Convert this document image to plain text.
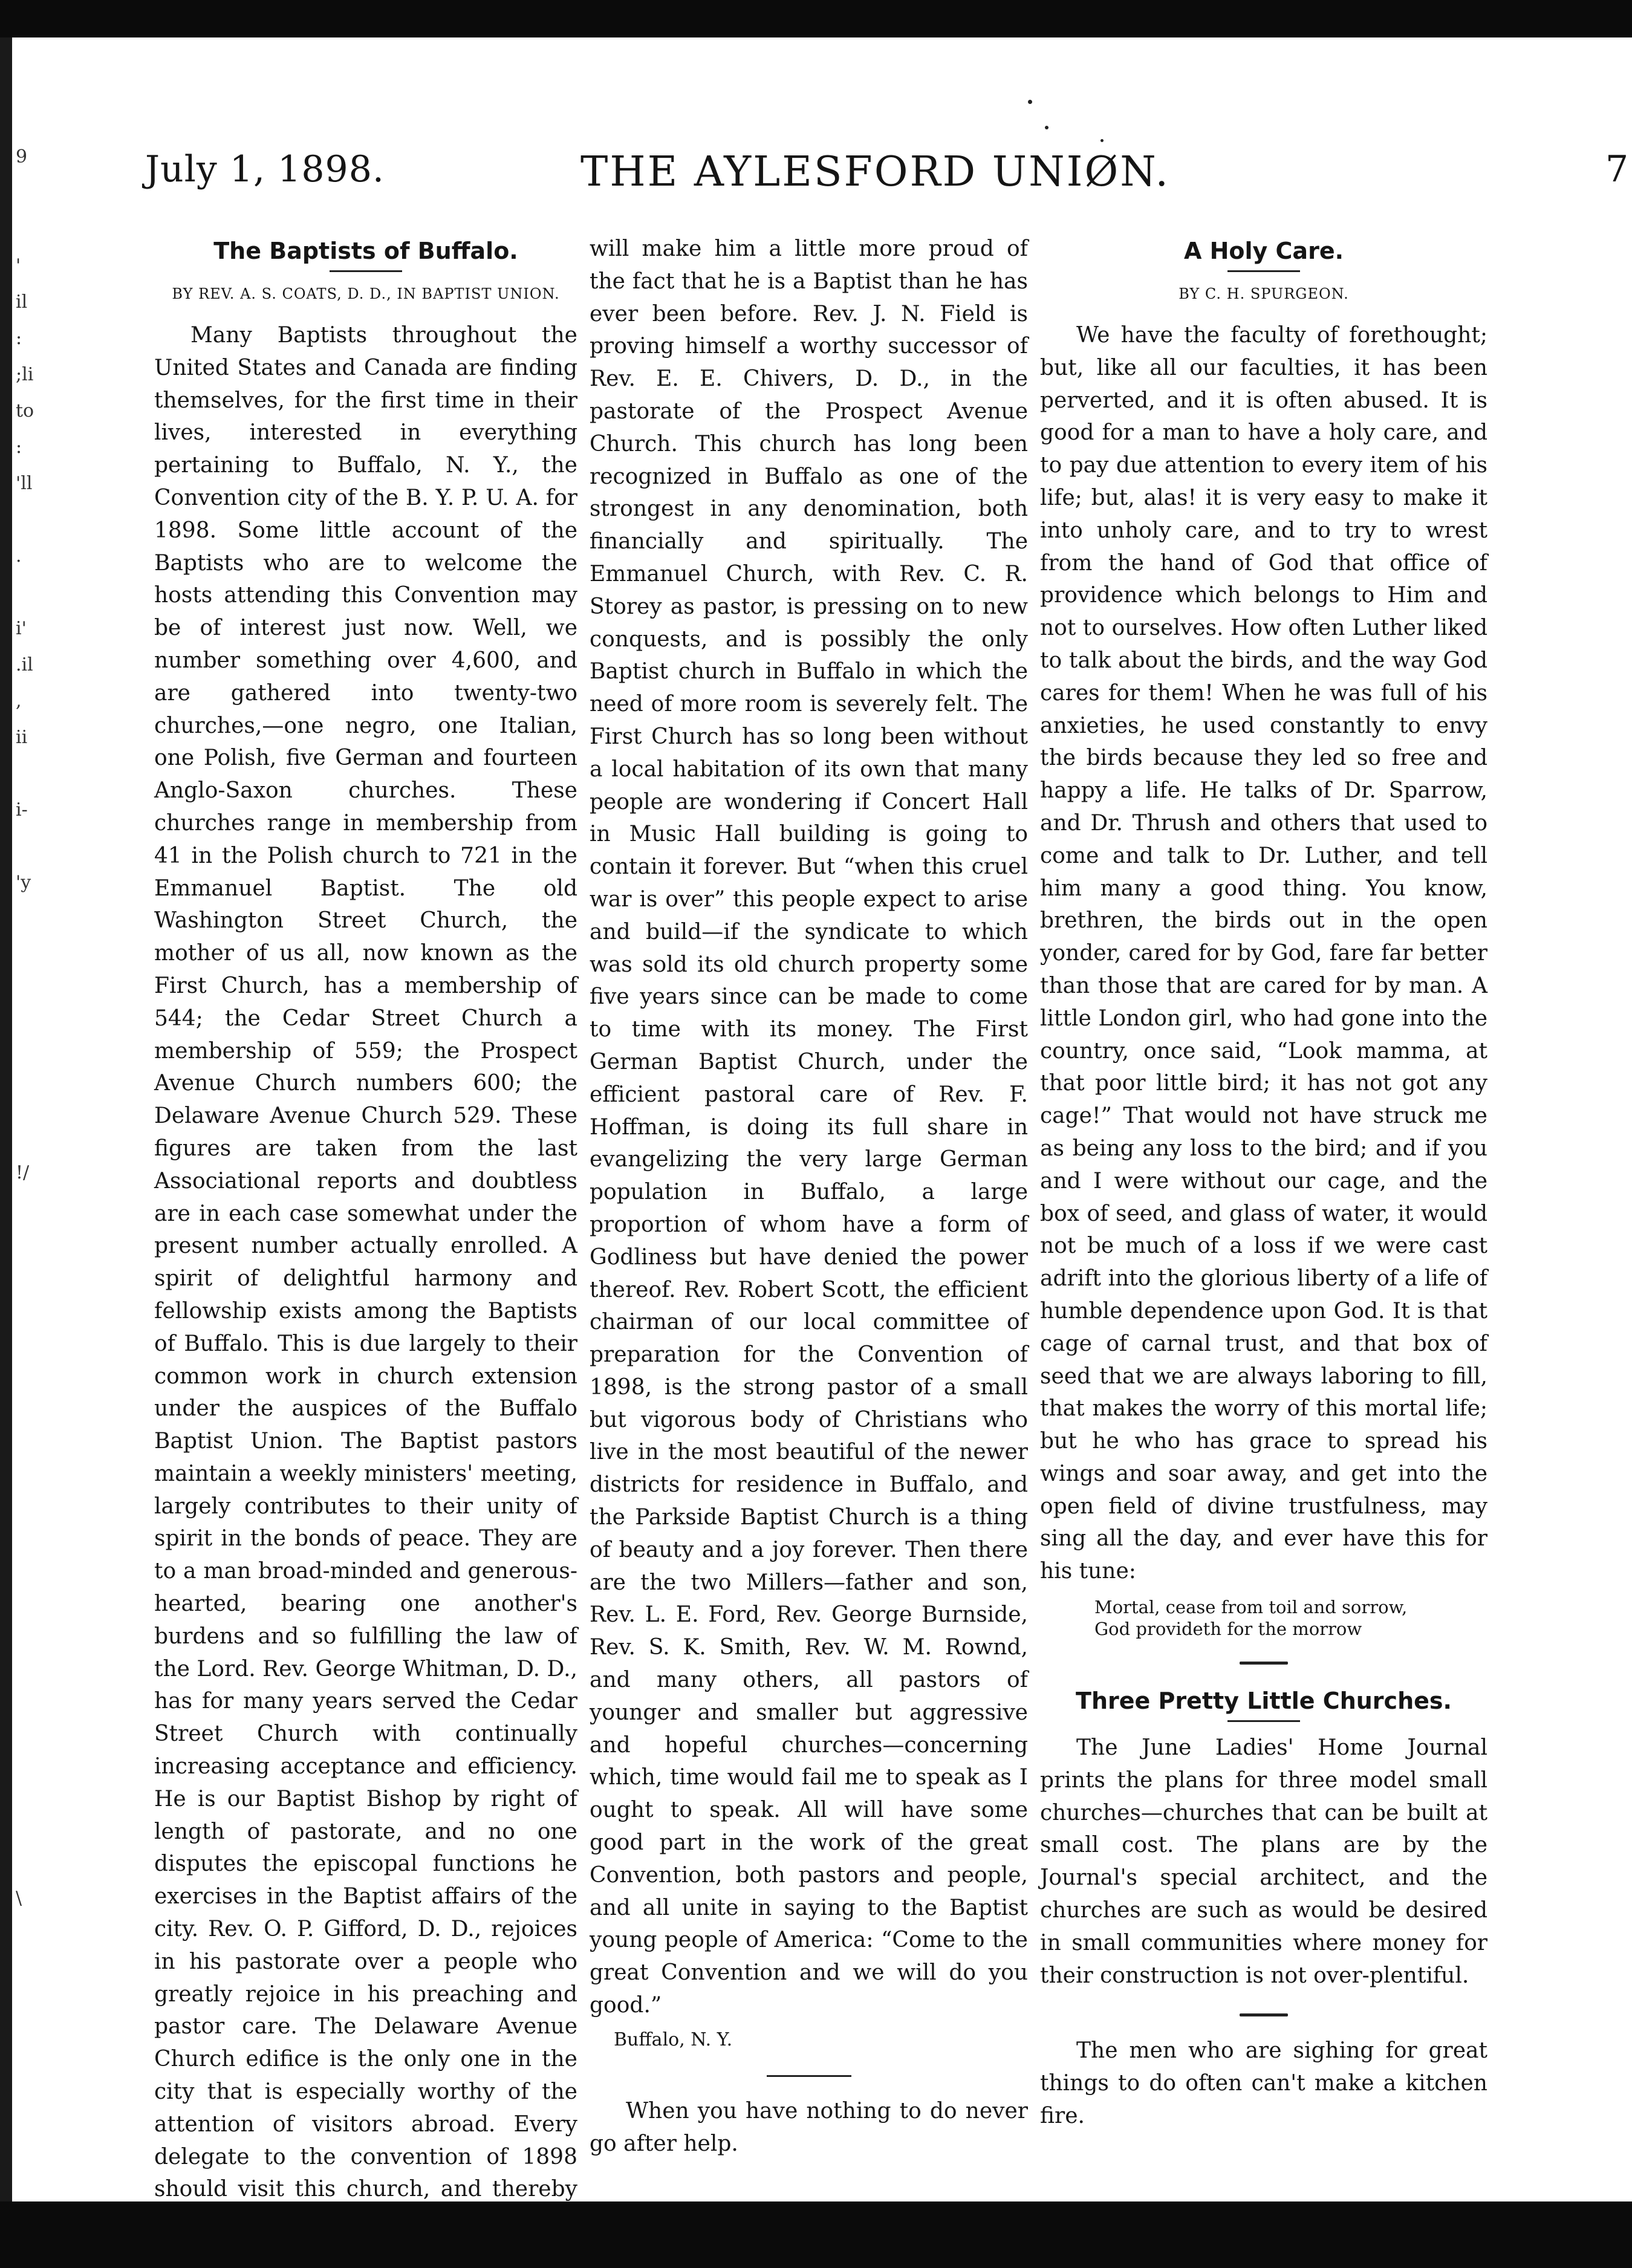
9

'
il
:
;li
to
:
'll

.

i'
.il
,
ii

i-

'y

!/

\
July 1, 1898.	THE AYLESFORD UNIØN.	7
The Baptists of Buffalo.

BY REV. A. S. COATS, D. D., IN BAPTIST UNION.

Many Baptists throughout the United States and Canada are finding themselves, for the first time in their lives, interested in everything pertaining to Buffalo, N. Y., the Convention city of the B. Y. P. U. A. for 1898. Some little account of the Baptists who are to welcome the hosts attending this Convention may be of interest just now. Well, we number something over 4,600, and are gathered into twenty-two churches,—one negro, one Italian, one Polish, five German and fourteen Anglo-Saxon churches. These churches range in membership from 41 in the Polish church to 721 in the Emmanuel Baptist. The old Washington Street Church, the mother of us all, now known as the First Church, has a membership of 544; the Cedar Street Church a membership of 559; the Prospect Avenue Church numbers 600; the Delaware Avenue Church 529. These figures are taken from the last Associational reports and doubtless are in each case somewhat under the present number actually enrolled. A spirit of delightful harmony and fellowship exists among the Baptists of Buffalo. This is due largely to their common work in church extension under the auspices of the Buffalo Baptist Union. The Baptist pastors maintain a weekly ministers' meeting, largely contributes to their unity of spirit in the bonds of peace. They are to a man broad-minded and generous-hearted, bearing one another's burdens and so fulfilling the law of the Lord. Rev. George Whitman, D. D., has for many years served the Cedar Street Church with continually increasing acceptance and efficiency. He is our Baptist Bishop by right of length of pastorate, and no one disputes the episcopal functions he exercises in the Baptist affairs of the city. Rev. O. P. Gifford, D. D., rejoices in his pastorate over a people who greatly rejoice in his preaching and pastor care. The Delaware Avenue Church edifice is the only one in the city that is especially worthy of the attention of visitors abroad. Every delegate to the convention of 1898 should visit this church, and thereby

will make him a little more proud of the fact that he is a Baptist than he has ever been before. Rev. J. N. Field is proving himself a worthy successor of Rev. E. E. Chivers, D. D., in the pastorate of the Prospect Avenue Church. This church has long been recognized in Buffalo as one of the strongest in any denomination, both financially and spiritually. The Emmanuel Church, with Rev. C. R. Storey as pastor, is pressing on to new conquests, and is possibly the only Baptist church in Buffalo in which the need of more room is severely felt. The First Church has so long been without a local habitation of its own that many people are wondering if Concert Hall in Music Hall building is going to contain it forever. But “when this cruel war is over” this people expect to arise and build—if the syndicate to which was sold its old church property some five years since can be made to come to time with its money. The First German Baptist Church, under the efficient pastoral care of Rev. F. Hoffman, is doing its full share in evangelizing the very large German population in Buffalo, a large proportion of whom have a form of Godliness but have denied the power thereof. Rev. Robert Scott, the efficient chairman of our local committee of preparation for the Convention of 1898, is the strong pastor of a small but vigorous body of Christians who live in the most beautiful of the newer districts for residence in Buffalo, and the Parkside Baptist Church is a thing of beauty and a joy forever. Then there are the two Millers—father and son, Rev. L. E. Ford, Rev. George Burnside, Rev. S. K. Smith, Rev. W. M. Rownd, and many others, all pastors of younger and smaller but aggressive and hopeful churches—concerning which, time would fail me to speak as I ought to speak. All will have some good part in the work of the great Convention, both pastors and people, and all unite in saying to the Baptist young people of America: “Come to the great Convention and we will do you good.”

Buffalo, N. Y.

When you have nothing to do never go after help.

A Holy Care.

BY C. H. SPURGEON.

We have the faculty of forethought; but, like all our faculties, it has been perverted, and it is often abused. It is good for a man to have a holy care, and to pay due attention to every item of his life; but, alas! it is very easy to make it into unholy care, and to try to wrest from the hand of God that office of providence which belongs to Him and not to ourselves. How often Luther liked to talk about the birds, and the way God cares for them! When he was full of his anxieties, he used constantly to envy the birds because they led so free and happy a life. He talks of Dr. Sparrow, and Dr. Thrush and others that used to come and talk to Dr. Luther, and tell him many a good thing. You know, brethren, the birds out in the open yonder, cared for by God, fare far better than those that are cared for by man. A little London girl, who had gone into the country, once said, “Look mamma, at that poor little bird; it has not got any cage!” That would not have struck me as being any loss to the bird; and if you and I were without our cage, and the box of seed, and glass of water, it would not be much of a loss if we were cast adrift into the glorious liberty of a life of humble dependence upon God. It is that cage of carnal trust, and that box of seed that we are always laboring to fill, that makes the worry of this mortal life; but he who has grace to spread his wings and soar away, and get into the open field of divine trustfulness, may sing all the day, and ever have this for his tune:

Mortal, cease from toil and sorrow,
God provideth for the morrow

Three Pretty Little Churches.

The June Ladies' Home Journal prints the plans for three model small churches—churches that can be built at small cost. The plans are by the Journal's special architect, and the churches are such as would be desired in small communities where money for their construction is not over-plentiful.

The men who are sighing for great things to do often can't make a kitchen fire.
